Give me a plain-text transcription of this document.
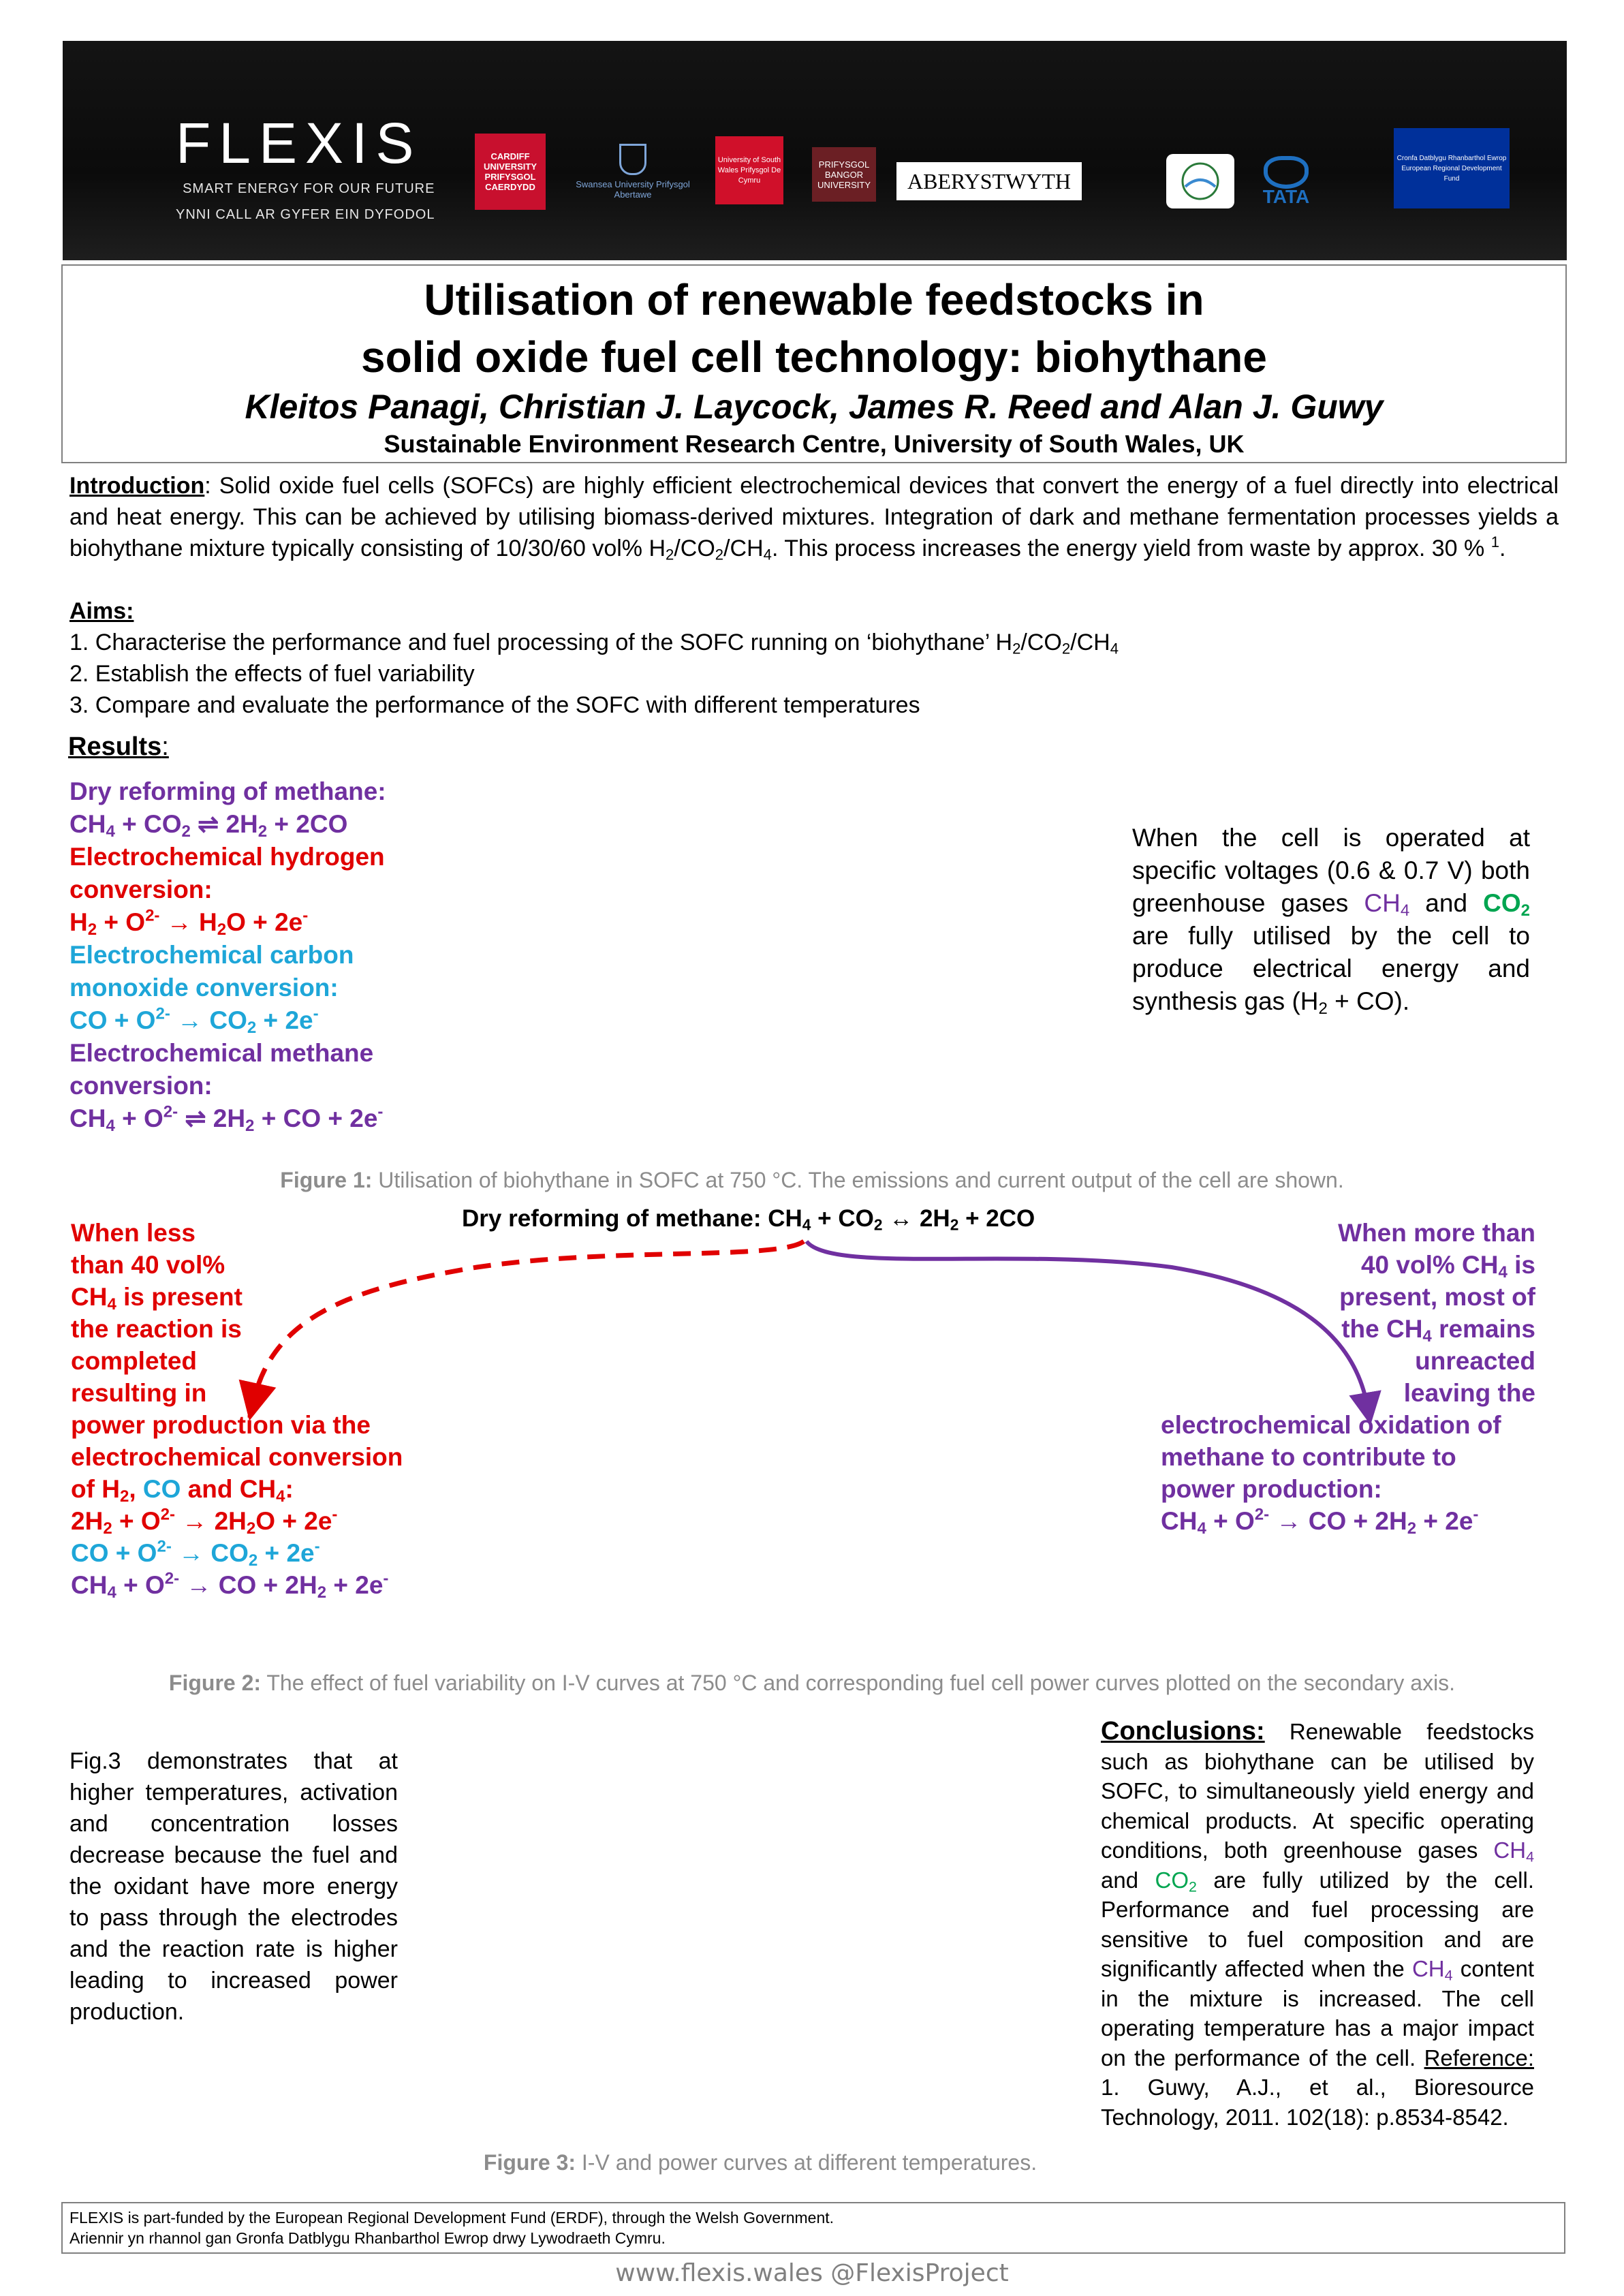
FLEXIS
SMART ENERGY FOR OUR FUTURE
YNNI CALL AR GYFER EIN DYFODOL
CARDIFF UNIVERSITY PRIFYSGOL CAERDYDD	Swansea University Prifysgol Abertawe
University of South Wales Prifysgol De Cymru
PRIFYSGOL BANGOR UNIVERSITY ABERYSTWYTH
TATA
Cronfa Datblygu Rhanbarthol Ewrop European Regional Development Fund
Utilisation of renewable feedstocks in
solid oxide fuel cell technology: biohythane
Kleitos Panagi, Christian J. Laycock, James R. Reed and Alan J. Guwy
Sustainable Environment Research Centre, University of South Wales, UK
Introduction: Solid oxide fuel cells (SOFCs) are highly efficient electrochemical devices that convert the energy of a fuel directly into electrical and heat energy. This can be achieved by utilising biomass-derived mixtures. Integration of dark and methane fermentation processes yields a biohythane mixture typically consisting of 10/30/60 vol% $H_2/CO_2/CH_4$. This process increases the energy yield from waste by approx. 30 % $^1$.
Aims:
1. Characterise the performance and fuel processing of the SOFC running on ‘biohythane’ $H_2/CO_2/CH_4$
2. Establish the effects of fuel variability
3. Compare and evaluate the performance of the SOFC with different temperatures
Results:
Dry reforming of methane:
$CH_4 + CO_2$ ⇌ $2H_2 + 2CO$
Electrochemical hydrogen
conversion:
$H_2 + O^{2-} \to H_2O + 2e^-$
Electrochemical carbon
monoxide conversion:
CO + $O^{2-} \to CO_2 + 2e^-$
Electrochemical methane
conversion:
$CH_4 + O^{2-}$ ⇌ $2H_2$ + CO + 2e-
When the cell is operated at specific voltages (0.6 & 0.7 V) both greenhouse gases $CH_4$ and $CO_2$ are fully utilised by the cell to produce electrical energy and synthesis gas $(H_2 + CO)$.
Figure 1: Utilisation of biohythane in SOFC at 750 °C. The emissions and current output of the cell are shown.
Dry reforming of methane: $CH_4 + CO_2$ ↔ $2H_2 + 2CO$
When less
than 40 vol%
$CH_4$ is present
the reaction is
completed
resulting in
power production via the
electrochemical conversion
of $H_2$, CO and $CH_4$:
$2H_2 + O^{2-} \to 2H_2O + 2e^-$
CO + $O^{2-} \to CO_2 + 2e^-$
$CH_4 + O^{2-}$ → CO + $2H_2 + 2e^-$
When more than
40 vol% $CH_4$ is
present, most of
the $CH_4$ remains
unreacted
leaving the
electrochemical oxidation of
methane to contribute to
power production:
$CH_4 + O^{2-}$ → CO + $2H_2 + 2e^-$
Figure 2: The effect of fuel variability on I-V curves at 750 °C and corresponding fuel cell power curves plotted on the secondary axis.
Fig.3 demonstrates that at higher temperatures, activation and concentration losses decrease because the fuel and the oxidant have more energy to pass through the electrodes and the reaction rate is higher leading to increased power production.
Figure 3: I-V and power curves at different temperatures.
Conclusions: Renewable feedstocks such as biohythane can be utilised by SOFC, to simultaneously yield energy and chemical products. At specific operating conditions, both greenhouse gases $CH_4$ and $CO_2$ are fully utilized by the cell. Performance and fuel processing are sensitive to fuel composition and are significantly affected when the $CH_4$ content in the mixture is increased. The cell operating temperature has a major impact on the performance of the cell. Reference: 1. Guwy, A.J., et al., Bioresource Technology, 2011. 102(18): p.8534-8542.
FLEXIS is part-funded by the European Regional Development Fund (ERDF), through the Welsh Government.
Ariennir yn rhannol gan Gronfa Datblygu Rhanbarthol Ewrop drwy Lywodraeth Cymru.
www.flexis.wales @FlexisProject
